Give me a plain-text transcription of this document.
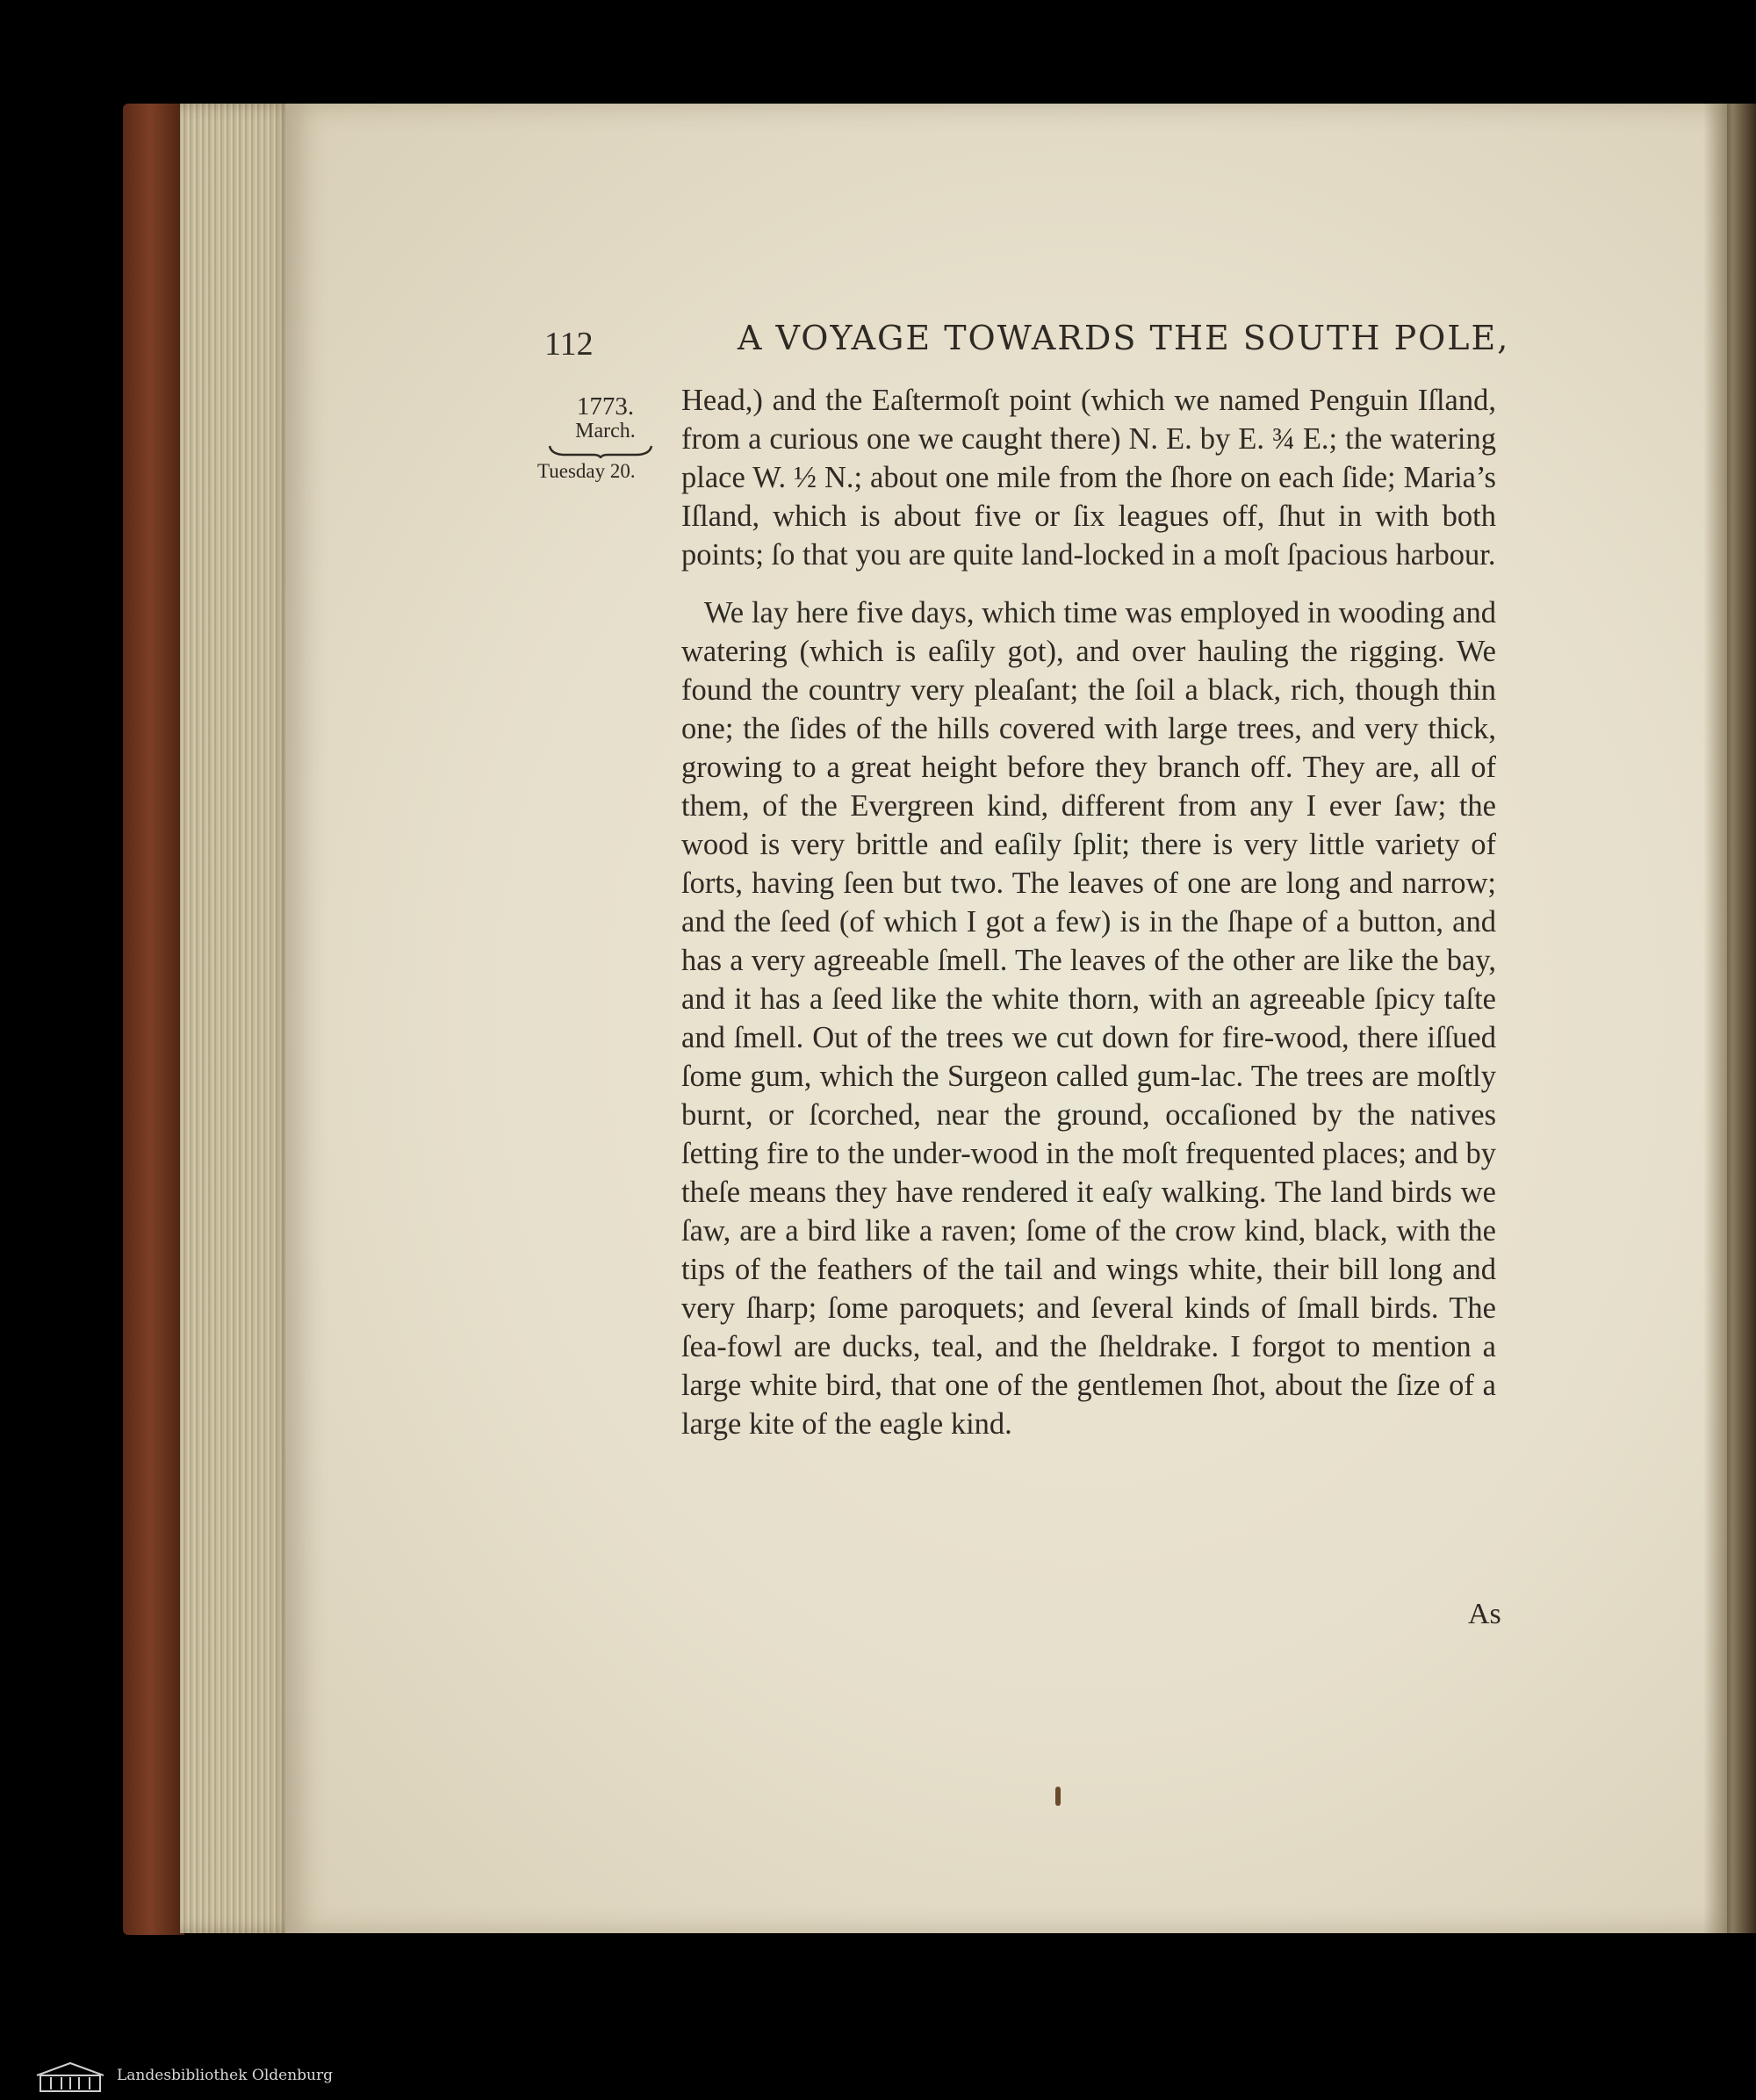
112	A VOYAGE TOWARDS THE SOUTH POLE,
1773.
March.
Tuesday 20.

Head,) and the Eaſtermoſt point (which we named Penguin Iſland, from a curious one we caught there) N. E. by E. ¾ E.; the watering place W. ½ N.; about one mile from the ſhore on each ſide; Maria’s Iſland, which is about five or ſix leagues off, ſhut in with both points; ſo that you are quite land-locked in a moſt ſpacious harbour.

We lay here five days, which time was employed in wooding and watering (which is eaſily got), and over hauling the rigging. We found the country very pleaſant; the ſoil a black, rich, though thin one; the ſides of the hills covered with large trees, and very thick, growing to a great height before they branch off. They are, all of them, of the Evergreen kind, different from any I ever ſaw; the wood is very brittle and eaſily ſplit; there is very little variety of ſorts, having ſeen but two. The leaves of one are long and narrow; and the ſeed (of which I got a few) is in the ſhape of a button, and has a very agreeable ſmell. The leaves of the other are like the bay, and it has a ſeed like the white thorn, with an agreeable ſpicy taſte and ſmell. Out of the trees we cut down for fire-wood, there iſſued ſome gum, which the Surgeon called gum-lac. The trees are moſtly burnt, or ſcorched, near the ground, occaſioned by the natives ſetting fire to the under-wood in the moſt frequented places; and by theſe means they have rendered it eaſy walking. The land birds we ſaw, are a bird like a raven; ſome of the crow kind, black, with the tips of the feathers of the tail and wings white, their bill long and very ſharp; ſome paroquets; and ſeveral kinds of ſmall birds. The ſea-fowl are ducks, teal, and the ſheldrake. I forgot to mention a large white bird, that one of the gentlemen ſhot, about the ſize of a large kite of the eagle kind.

As
Landesbibliothek Oldenburg
